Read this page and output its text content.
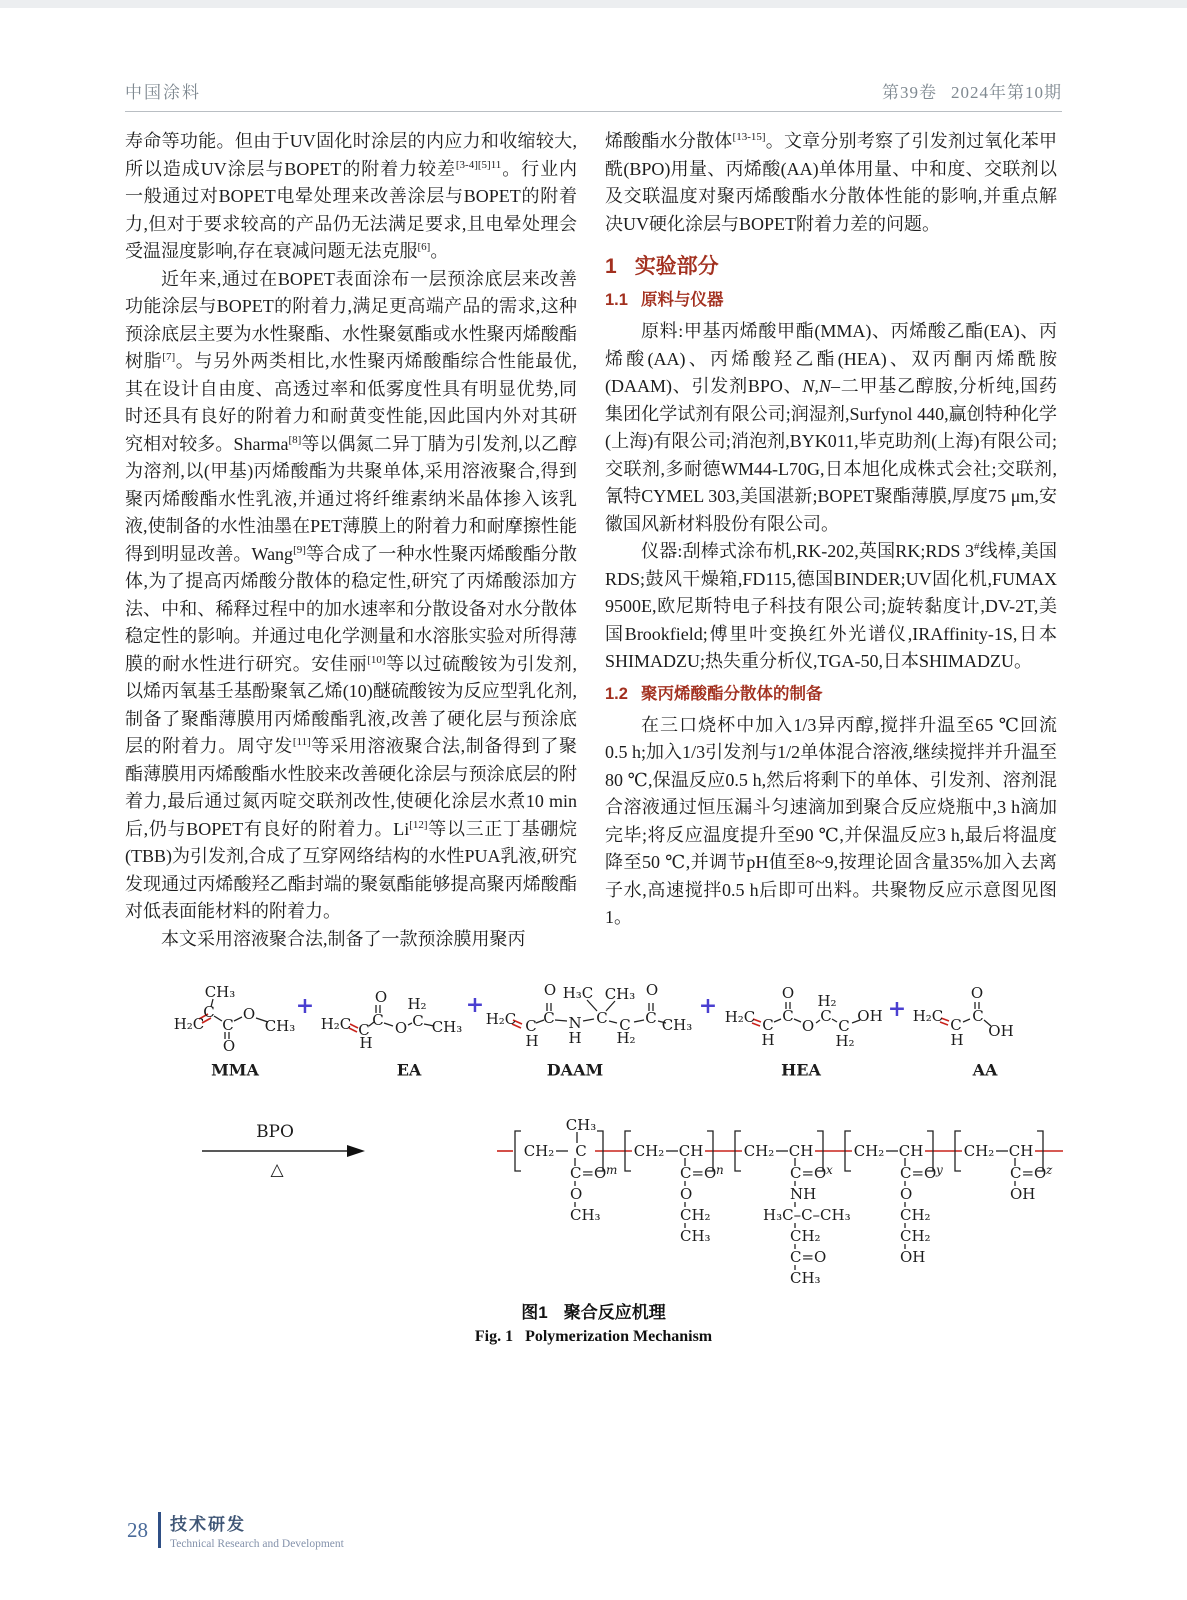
中国涂料	第39卷 2024年第10期

寿命等功能。但由于UV固化时涂层的内应力和收缩较大,所以造成UV涂层与BOPET的附着力较差$^{[3-4][5]11}$。行业内一般通过对BOPET电晕处理来改善涂层与BOPET的附着力,但对于要求较高的产品仍无法满足要求,且电晕处理会受温湿度影响,存在衰减问题无法克服[6]。

近年来,通过在BOPET表面涂布一层预涂底层来改善功能涂层与BOPET的附着力,满足更高端产品的需求,这种预涂底层主要为水性聚酯、水性聚氨酯或水性聚丙烯酸酯树脂[7]。与另外两类相比,水性聚丙烯酸酯综合性能最优,其在设计自由度、高透过率和低雾度性具有明显优势,同时还具有良好的附着力和耐黄变性能,因此国内外对其研究相对较多。Sharma[8]等以偶氮二异丁腈为引发剂,以乙醇为溶剂,以(甲基)丙烯酸酯为共聚单体,采用溶液聚合,得到聚丙烯酸酯水性乳液,并通过将纤维素纳米晶体掺入该乳液,使制备的水性油墨在PET薄膜上的附着力和耐摩擦性能得到明显改善。Wang[9]等合成了一种水性聚丙烯酸酯分散体,为了提高丙烯酸分散体的稳定性,研究了丙烯酸添加方法、中和、稀释过程中的加水速率和分散设备对水分散体稳定性的影响。并通过电化学测量和水溶胀实验对所得薄膜的耐水性进行研究。安佳丽[10]等以过硫酸铵为引发剂,以烯丙氧基壬基酚聚氧乙烯(10)醚硫酸铵为反应型乳化剂,制备了聚酯薄膜用丙烯酸酯乳液,改善了硬化层与预涂底层的附着力。周守发[11]等采用溶液聚合法,制备得到了聚酯薄膜用丙烯酸酯水性胶来改善硬化涂层与预涂底层的附着力,最后通过氮丙啶交联剂改性,使硬化涂层水煮10 min后,仍与BOPET有良好的附着力。Li[12]等以三正丁基硼烷(TBB)为引发剂,合成了互穿网络结构的水性PUA乳液,研究发现通过丙烯酸羟乙酯封端的聚氨酯能够提高聚丙烯酸酯对低表面能材料的附着力。

本文采用溶液聚合法,制备了一款预涂膜用聚丙

烯酸酯水分散体[13-15]。文章分别考察了引发剂过氧化苯甲酰(BPO)用量、丙烯酸(AA)单体用量、中和度、交联剂以及交联温度对聚丙烯酸酯水分散体性能的影响,并重点解决UV硬化涂层与BOPET附着力差的问题。

1 实验部分
1.1 原料与仪器

原料:甲基丙烯酸甲酯(MMA)、丙烯酸乙酯(EA)、丙烯酸(AA)、丙烯酸羟乙酯(HEA)、双丙酮丙烯酰胺(DAAM)、引发剂BPO、N,N–二甲基乙醇胺,分析纯,国药集团化学试剂有限公司;润湿剂,Surfynol 440,赢创特种化学(上海)有限公司;消泡剂,BYK011,毕克助剂(上海)有限公司;交联剂,多耐德WM44-L70G,日本旭化成株式会社;交联剂,氰特CYMEL 303,美国湛新;BOPET聚酯薄膜,厚度75 μm,安徽国风新材料股份有限公司。

仪器:刮棒式涂布机,RK-202,英国RK;RDS 3#线棒,美国RDS;鼓风干燥箱,FD115,德国BINDER;UV固化机,FUMAX 9500E,欧尼斯特电子科技有限公司;旋转黏度计,DV-2T,美国Brookfield;傅里叶变换红外光谱仪,IRAffinity-1S,日本SHIMADZU;热失重分析仪,TGA-50,日本SHIMADZU。

1.2 聚丙烯酸酯分散体的制备

在三口烧杯中加入1/3异丙醇,搅拌升温至65 ℃回流0.5 h;加入1/3引发剂与1/2单体混合溶液,继续搅拌并升温至80 ℃,保温反应0.5 h,然后将剩下的单体、引发剂、溶剂混合溶液通过恒压漏斗匀速滴加到聚合反应烧瓶中,3 h滴加完毕;将反应温度提升至90 ℃,并保温反应3 h,最后将温度降至50 ℃,并调节pH值至8~9,按理论固含量35%加入去离子水,高速搅拌0.5 h后即可出料。共聚物反应示意图见图1。

CH₃
H₂C
C
C
O
CH₃
O
MMA
+
H₂C C
H
C
O
O C
H₂
CH₃
EA
+
H₂C C
H
C
O
N
H
H₃C CH₃
C C
H₂
C
O
CH₃
DAAM
+ H₂C C
H
C
O
O
C
H₂
C
H₂
OH
HEA
+ H₂C C
H
C
O
OH
AA
BPO
△
CH₂ C
CH₃
m
C=O
O
CH₃
CH₂ CH
n
C=O
O
CH₂
CH₃
CH₂ CH
x
C=O
NH
H₃C–C–CH₃
CH₂
C=O
CH₃
CH₂ CH
y
C=O
O
CH₂
CH₂
OH
CH₂ CH
z
C=O
OH
图1 聚合反应机理
Fig. 1 Polymerization Mechanism
28 技术研发
Technical Research and Development
